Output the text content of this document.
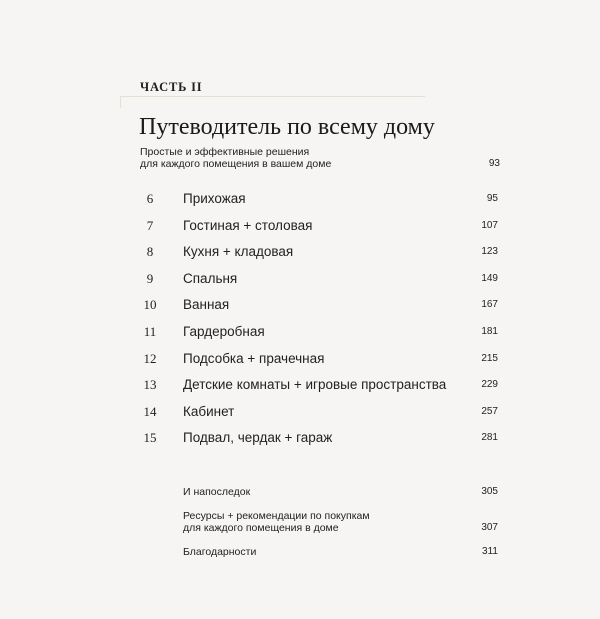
ЧАСТЬ II
Путеводитель по всему дому
Простые и эффективные решения
для каждого помещения в вашем доме	93
6	Прихожая	95
7	Гостиная + столовая	107
8	Кухня + кладовая	123
9	Спальня	149
10 Ванная	167
11 Гардеробная	181
12 Подсобка + прачечная	215
13 Детские комнаты + игровые пространства	229
14 Кабинет	257
15 Подвал, чердак + гараж	281
И напоследок	305
Ресурсы + рекомендации по покупкам
для каждого помещения в доме	307
Благодарности	311
